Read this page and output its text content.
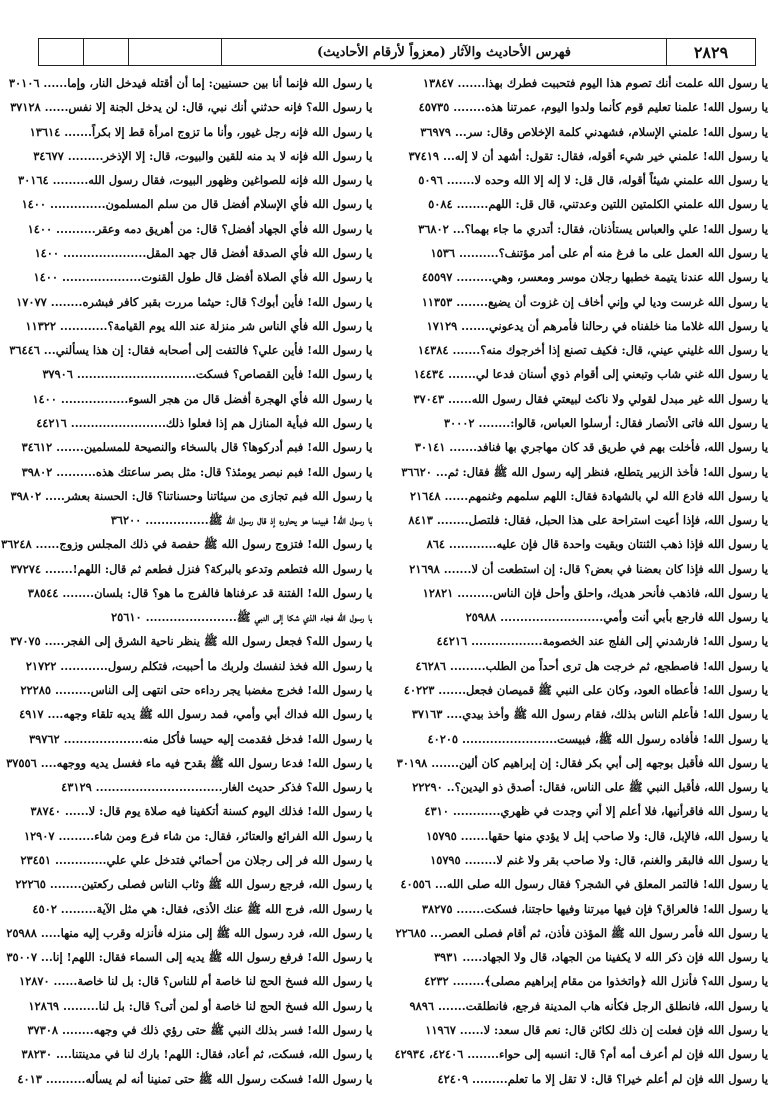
فهرس الأحاديث والآثار (معزواً لأرقام الأحاديث)	٢٨٢٩
يا رسول الله علمت أنك تصوم هذا اليوم فتحببت فطرك بهذا....... ١٣٨٤٧
يا رسول الله! علمنا تعليم قوم كأنما ولدوا اليوم، عمرتنا هذه........ ٤٥٧٣٥
يا رسول الله! علمني الإسلام، فشهدني كلمة الإخلاص وقال: سر... ٣٦٩٧٩
يا رسول الله! علمني خير شيء أقوله، فقال: تقول: أشهد أن لا إله... ٣٧٤١٩
يا رسول الله علمني شيئاً أقوله، قال قل: لا إله إلا الله وحده لا....... ٥٠٩٦
يا رسول الله علمني الكلمتين اللتين وعدتني، قال قل: اللهم........ ٥٠٨٤
يا رسول الله! علي والعباس يستأذنان، فقال: أتدري ما جاء بهما؟... ٣٦٨٠٢
يا رسول الله العمل على ما فرغ منه أم على أمر مؤتنف؟.......... ١٥٣٦
يا رسول الله عندنا يتيمة خطبها رجلان موسر ومعسر، وهي......... ٤٥٥٩٧
يا رسول الله غرست وديا لي وإني أخاف إن غزوت أن يضيع........ ١١٣٥٣
يا رسول الله غلاما منا خلفناه في رحالنا فأمرهم أن يدعوني....... ١٧١٢٩
يا رسول الله غليني عيني، قال: فكيف تصنع إذا أخرجوك منه؟....... ١٤٣٨٤
يا رسول الله غني شاب وتبعني إلى أقوام ذوي أسنان فدعا لي....... ١٤٤٣٤
يا رسول الله غير مبدل لقولي ولا ناكث لبيعتي فقال رسول الله...... ٣٧٠٤٣
يا رسول الله فاتى الأنصار فقال: أرسلوا العباس، قالوا:........ ٣٠٠٠٢
يا رسول الله، فأخلت بهم في طريق قد كان مهاجري بها فنافد....... ٣٠١٤١
يا رسول الله! فأخذ الزبير يتطلع، فنظر إليه رسول الله ﷺ فقال: ثم... ٣٦٦٢٠
يا رسول الله فادع الله لي بالشهادة فقال: اللهم سلمهم وغنمهم...... ٢١٦٤٨
يا رسول الله، فإذا أعيت استراحة على هذا الحبل، فقال: فلتصل........ ٨٤١٣
يا رسول الله فإذا ذهب الثنتان وبقيت واحدة قال فإن عليه............ ٨٦٤
يا رسول الله فإذا كان بعضنا في بعض؟ قال: إن استطعت أن لا....... ٢١٦٩٨
يا رسول الله، فاذهب فأنحر هديك، واحلق وأحل فإن الناس......... ١٢٨٢١
يا رسول الله فارجع بأبي أنت وأمي.......................... ٢٥٩٨٨
يا رسول الله! فارشدني إلى الفلج عند الخصومة.................. ٤٤٢١٦
يا رسول الله! فاصطجع، ثم خرجت هل ترى أحداً من الطلب......... ٤٦٢٨٦
يا رسول الله! فأعطاه العود، وكان على النبي ﷺ قميصان فجعل....... ٤٠٢٢٣
يا رسول الله! فأعلم الناس بذلك، فقام رسول الله ﷺ وأخذ بيدي.... ٣٧١٦٣
يا رسول الله! فأفاده رسول الله ﷺ، فبيست........................ ٤٠٢٠٥
يا رسول الله فأقبل بوجهه إلى أبي بكر فقال: إن إبراهيم كان ألين....... ٣٠١٩٨
يا رسول الله، فأقبل النبي ﷺ على الناس، فقال: أصدق ذو اليدين؟.. ٢٢٢٩٠
يا رسول الله فاقرأنيها، فلا أعلم إلا أني وجدت في ظهري............ ٤٣١٠
يا رسول الله، فالإبل، قال: ولا صاحب إبل لا يؤدي منها حقها....... ١٥٧٩٥
يا رسول الله فالبقر والغنم، قال: ولا صاحب بقر ولا غنم لا........ ١٥٧٩٥
يا رسول الله! فالتمر المعلق في الشجر؟ فقال رسول الله صلى الله... ٤٠٥٥٦
يا رسول الله! فالعراق؟ فإن فيها ميرتنا وفيها حاجتنا، فسكت....... ٣٨٢٧٥
يا رسول الله فأمر رسول الله ﷺ المؤذن فأذن، ثم أقام فصلى العصر... ٢٢٦٨٥
يا رسول الله فإن ذكر الله لا يكفينا من الجهاد، قال ولا الجهاد..... ٣٩٣١
يا رسول الله؟ فأنزل الله ﴿واتخذوا من مقام إبراهيم مصلى﴾........ ٤٢٣٢
يا رسول الله، فانطلق الرجل فكأنه هاب المدينة فرجع، فانطلقت....... ٩٨٩٦
يا رسول الله فإن فعلت إن ذلك لكائن قال: نعم قال سعد: لا...... ١١٩٦٧
يا رسول الله فإن لم أعرف أمه أم؟ قال: انسبه إلى حواء........ ٤٢٤٠٦، ٤٢٩٣٤
يا رسول الله فإن لم أعلم خيرا؟ قال: لا تقل إلا ما تعلم......... ٤٢٤٠٩
يا رسول الله فإنما أنا بين حسنيين: إما أن أقتله فيدخل النار، وإما...... ٣٠١٠٦
يا رسول الله؟ فإنه حدثني أنك نبي، قال: لن يدخل الجنة إلا نفس...... ٣٧١٢٨
يا رسول الله فإنه رجل غيور، وأنا ما تزوج امرأة قط إلا بكراً....... ١٣٦١٤
يا رسول الله فإنه لا بد منه للقين والبيوت، قال: إلا الإذخر......... ٣٤٦٧٧
يا رسول الله فإنه للصواغين وظهور البيوت، فقال رسول الله......... ٣٠١٦٤
يا رسول الله فأي الإسلام أفضل قال من سلم المسلمون.............. ١٤٠٠
يا رسول الله فأي الجهاد أفضل؟ قال: من أهريق دمه وعقر.......... ١٤٠٠
يا رسول الله فأي الصدقة أفضل قال جهد المقل..................... ١٤٠٠
يا رسول الله فأي الصلاة أفضل قال طول القنوت.................... ١٤٠٠
يا رسول الله! فأين أبوك؟ قال: حيثما مررت بقبر كافر فبشره........ ١٧٠٧٧
يا رسول الله فأي الناس شر منزلة عند الله يوم القيامة؟............ ١١٣٢٢
يا رسول الله! فأين علي؟ فالتفت إلى أصحابه فقال: إن هذا يسألني... ٣٦٤٤٦
يا رسول الله! فأين القصاص؟ فسكت.............................. ٣٧٩٠٦
يا رسول الله فأي الهجرة أفضل قال من هجر السوء................. ١٤٠٠
يا رسول الله فبأية المنازل هم إذا فعلوا ذلك........................ ٤٤٢١٦
يا رسول الله! فبم أدركوها؟ قال بالسخاء والنصيحة للمسلمين....... ٣٤٦١٢
يا رسول الله! فبم نبصر يومئذ؟ قال: مثل بصر ساعتك هذه.......... ٣٩٨٠٢
يا رسول الله فبم تجازى من سيئاتنا وحسناتنا؟ قال: الحسنة بعشر..... ٣٩٨٠٢
يا رسول الله! فبينما هو يحاوره إذ قال رسول الله ﷺ................ ٣٦٢٠٠
يا رسول الله! فتزوج رسول الله ﷺ حفصة في ذلك المجلس وزوج...... ٣٦٢٤٨
يا رسول الله فتطعم وتدعو بالبركة؟ فنزل فطعم ثم قال: اللهم!....... ٣٧٢٧٤
يا رسول الله! الفتنة قد عرفناها فالفرج ما هو؟ قال: بلسان........ ٣٨٥٤٤
يا رسول الله فجاء الذي شكا إلى النبي ﷺ....................... ٢٥٦١٠
يا رسول الله؟ فجعل رسول الله ﷺ ينظر ناحية الشرق إلى الفجر..... ٣٧٠٧٥
يا رسول الله فخذ لنفسك ولربك ما أحببت، فتكلم رسول............ ٢١٧٢٢
يا رسول الله! فخرج مغضبا يجر رداءه حتى انتهى إلى الناس......... ٢٢٢٨٥
يا رسول الله فداك أبي وأمي، فمد رسول الله ﷺ يديه تلقاء وجهه.... ٤٩١٧
يا رسول الله! فدخل فقدمت إليه حيسا فأكل منه.................... ٣٩٧٦٢
يا رسول الله! فدعا رسول الله ﷺ بقدح فيه ماء فغسل يديه ووجهه.... ٣٧٥٥٦
يا رسول الله؟ فذكر حديث الغار................................ ٤٣١٢٩
يا رسول الله! فذلك اليوم كسنة أتكفينا فيه صلاة يوم قال: لا...... ٣٨٧٤٠
يا رسول الله الفرائع والعتائر، فقال: من شاء فرع ومن شاء......... ١٢٩٠٧
يا رسول الله فر إلى رجلان من أحمائي فتدخل علي علي............. ٢٣٤٥١
يا رسول الله، فرجع رسول الله ﷺ وثاب الناس فصلى ركعتين........ ٢٢٢٦٥
يا رسول الله، فرج الله ﷺ عنك الأذى، فقال: هي مثل الآية......... ٤٥٠٢
يا رسول الله، فرد رسول الله ﷺ إلى منزله فأنزله وقرب إليه منها..... ٢٥٩٨٨
يا رسول الله! فرفع رسول الله ﷺ يديه إلى السماء فقال: اللهم! إنا... ٣٥٠٠٧
يا رسول الله فسخ الحج لنا خاصة أم للناس؟ قال: بل لنا خاصة...... ١٢٨٧٠
يا رسول الله فسخ الحج لنا خاصة أو لمن أتى؟ قال: بل لنا......... ١٢٨٦٩
يا رسول الله! فسر بذلك النبي ﷺ حتى رؤي ذلك في وجهه........ ٣٧٣٠٨
يا رسول الله، فسكت، ثم أعاد، فقال: اللهم! بارك لنا في مدينتنا.... ٣٨٢٣٠
يا رسول الله! فسكت رسول الله ﷺ حتى تمنينا أنه لم يسأله.......... ٤٠١٣
